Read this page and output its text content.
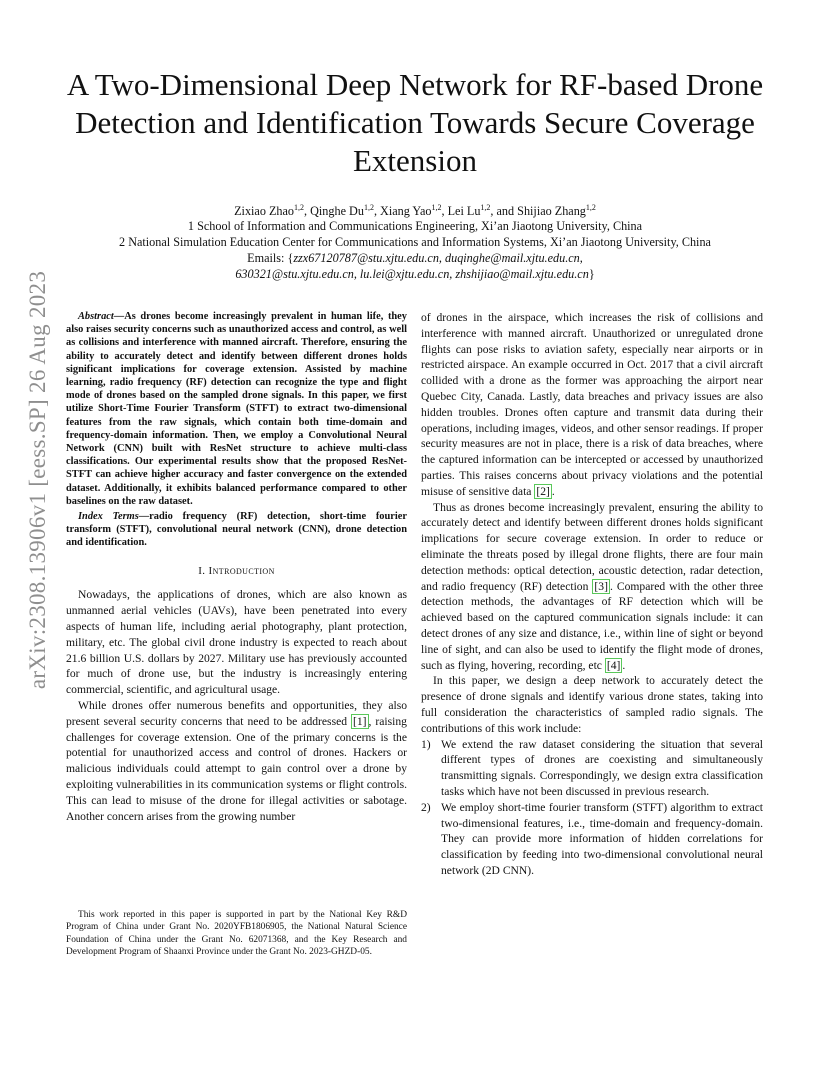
arXiv:2308.13906v1 [eess.SP] 26 Aug 2023
A Two-Dimensional Deep Network for RF-based Drone Detection and Identification Towards Secure Coverage Extension
Zixiao Zhao$^{1,2}$, Qinghe Du$^{1,2}$, Xiang Yao$^{1,2}$, Lei Lu$^{1,2}$, and Shijiao Zhang$^{1,2}$
1 School of Information and Communications Engineering, Xi’an Jiaotong University, China
2 National Simulation Education Center for Communications and Information Systems, Xi’an Jiaotong University, China
Emails: {zzx67120787@stu.xjtu.edu.cn, duqinghe@mail.xjtu.edu.cn,
630321@stu.xjtu.edu.cn, lu.lei@xjtu.edu.cn, zhshijiao@mail.xjtu.edu.cn}

Abstract—As drones become increasingly prevalent in human life, they also raises security concerns such as unauthorized access and control, as well as collisions and interference with manned aircraft. Therefore, ensuring the ability to accurately detect and identify between different drones holds significant implications for coverage extension. Assisted by machine learning, radio frequency (RF) detection can recognize the type and flight mode of drones based on the sampled drone signals. In this paper, we first utilize Short-Time Fourier Transform (STFT) to extract two-dimensional features from the raw signals, which contain both time-domain and frequency-domain information. Then, we employ a Convolutional Neural Network (CNN) built with ResNet structure to achieve multi-class classifications. Our experimental results show that the proposed ResNet-STFT can achieve higher accuracy and faster convergence on the extended dataset. Additionally, it exhibits balanced performance compared to other baselines on the raw dataset.

Index Terms—radio frequency (RF) detection, short-time fourier transform (STFT), convolutional neural network (CNN), drone detection and identification.

I. Introduction

Nowadays, the applications of drones, which are also known as unmanned aerial vehicles (UAVs), have been penetrated into every aspects of human life, including aerial photography, plant protection, military, etc. The global civil drone industry is expected to reach about 21.6 billion U.S. dollars by 2027. Military use has previously accounted for much of drone use, but the industry is increasingly entering commercial, scientific, and agricultural usage.

While drones offer numerous benefits and opportunities, they also present several security concerns that need to be addressed [1] , raising challenges for coverage extension. One of the primary concerns is the potential for unauthorized access and control of drones. Hackers or malicious individuals could attempt to gain control over a drone by exploiting vulnerabilities in its communication systems or flight controls. This can lead to misuse of the drone for illegal activities or sabotage. Another concern arises from the growing number

This work reported in this paper is supported in part by the National Key R&D Program of China under Grant No. 2020YFB1806905, the National Natural Science Foundation of China under the Grant No. 62071368, and the Key Research and Development Program of Shaanxi Province under the Grant No. 2023-GHZD-05.

of drones in the airspace, which increases the risk of collisions and interference with manned aircraft. Unauthorized or unregulated drone flights can pose risks to aviation safety, especially near airports or in restricted airspace. An example occurred in Oct. 2017 that a civil aircraft collided with a drone as the former was approaching the airport near Quebec City, Canada. Lastly, data breaches and privacy issues are also hidden troubles. Drones often capture and transmit data during their operations, including images, videos, and other sensor readings. If proper security measures are not in place, there is a risk of data breaches, where the captured information can be intercepted or accessed by unauthorized parties. This raises concerns about privacy violations and the potential misuse of sensitive data [2] .

Thus as drones become increasingly prevalent, ensuring the ability to accurately detect and identify between different drones holds significant implications for secure coverage extension. In order to reduce or eliminate the threats posed by illegal drone flights, there are four main detection methods: optical detection, acoustic detection, radar detection, and radio frequency (RF) detection [3] . Compared with the other three detection methods, the advantages of RF detection which will be achieved based on the captured communication signals include: it can detect drones of any size and distance, i.e., within line of sight or beyond line of sight, and can also be used to identify the flight mode of drones, such as flying, hovering, recording, etc [4] .

In this paper, we design a deep network to accurately detect the presence of drone signals and identify various drone states, taking into full consideration the characteristics of sampled radio signals. The contributions of this work include:

1) We extend the raw dataset considering the situation that several different types of drones are coexisting and simultaneously transmitting signals. Correspondingly, we design extra classification tasks which have not been discussed in previous research.
2) We employ short-time fourier transform (STFT) algorithm to extract two-dimensional features, i.e., time-domain and frequency-domain. They can provide more information of hidden correlations for classification by feeding into two-dimensional convolutional neural network (2D CNN).
